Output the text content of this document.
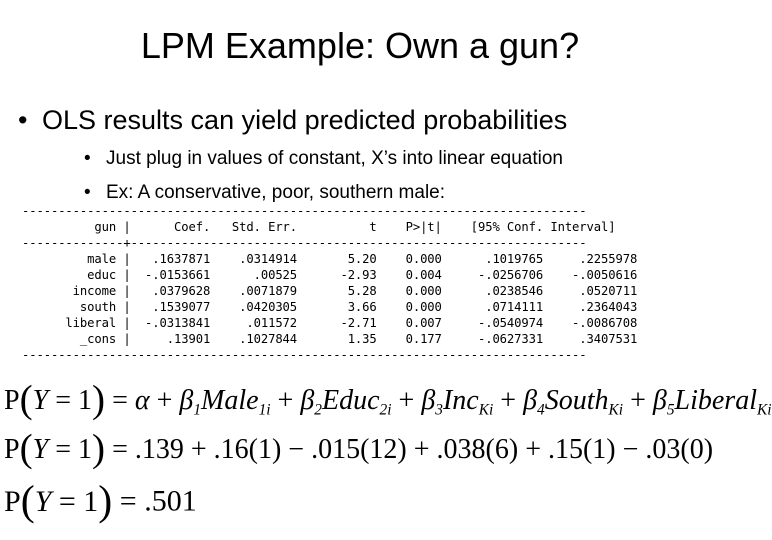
LPM Example: Own a gun?
• OLS results can yield predicted probabilities
• Just plug in values of constant, X’s into linear equation
• Ex: A conservative, poor, southern male:
------------------------------------------------------------------------------
gun |      Coef.   Std. Err.          t    P>|t|    [95% Conf. Interval]
--------------+---------------------------------------------------------------
male |   .1637871    .0314914       5.20    0.000      .1019765     .2255978
educ |  -.0153661      .00525      -2.93    0.004     -.0256706    -.0050616
income |   .0379628    .0071879       5.28    0.000      .0238546     .0520711
south |   .1539077    .0420305       3.66    0.000      .0714111     .2364043
liberal |  -.0313841     .011572      -2.71    0.007     -.0540974    -.0086708
_cons |     .13901    .1027844       1.35    0.177     -.0627331     .3407531
------------------------------------------------------------------------------
$P(Y = 1) = \alpha + \beta_1Male_{1i}$ + $\beta_2Educ_{2i} + \beta_3Inc_{Ki}$ + $\beta_4South_{Ki}$ + $\beta_5Liberal_{Ki}$
P(Y = 1) = .139 + .16(1) − .015(12) + .038(6) + .15(1) − .03(0)
P(Y = 1) = .501
